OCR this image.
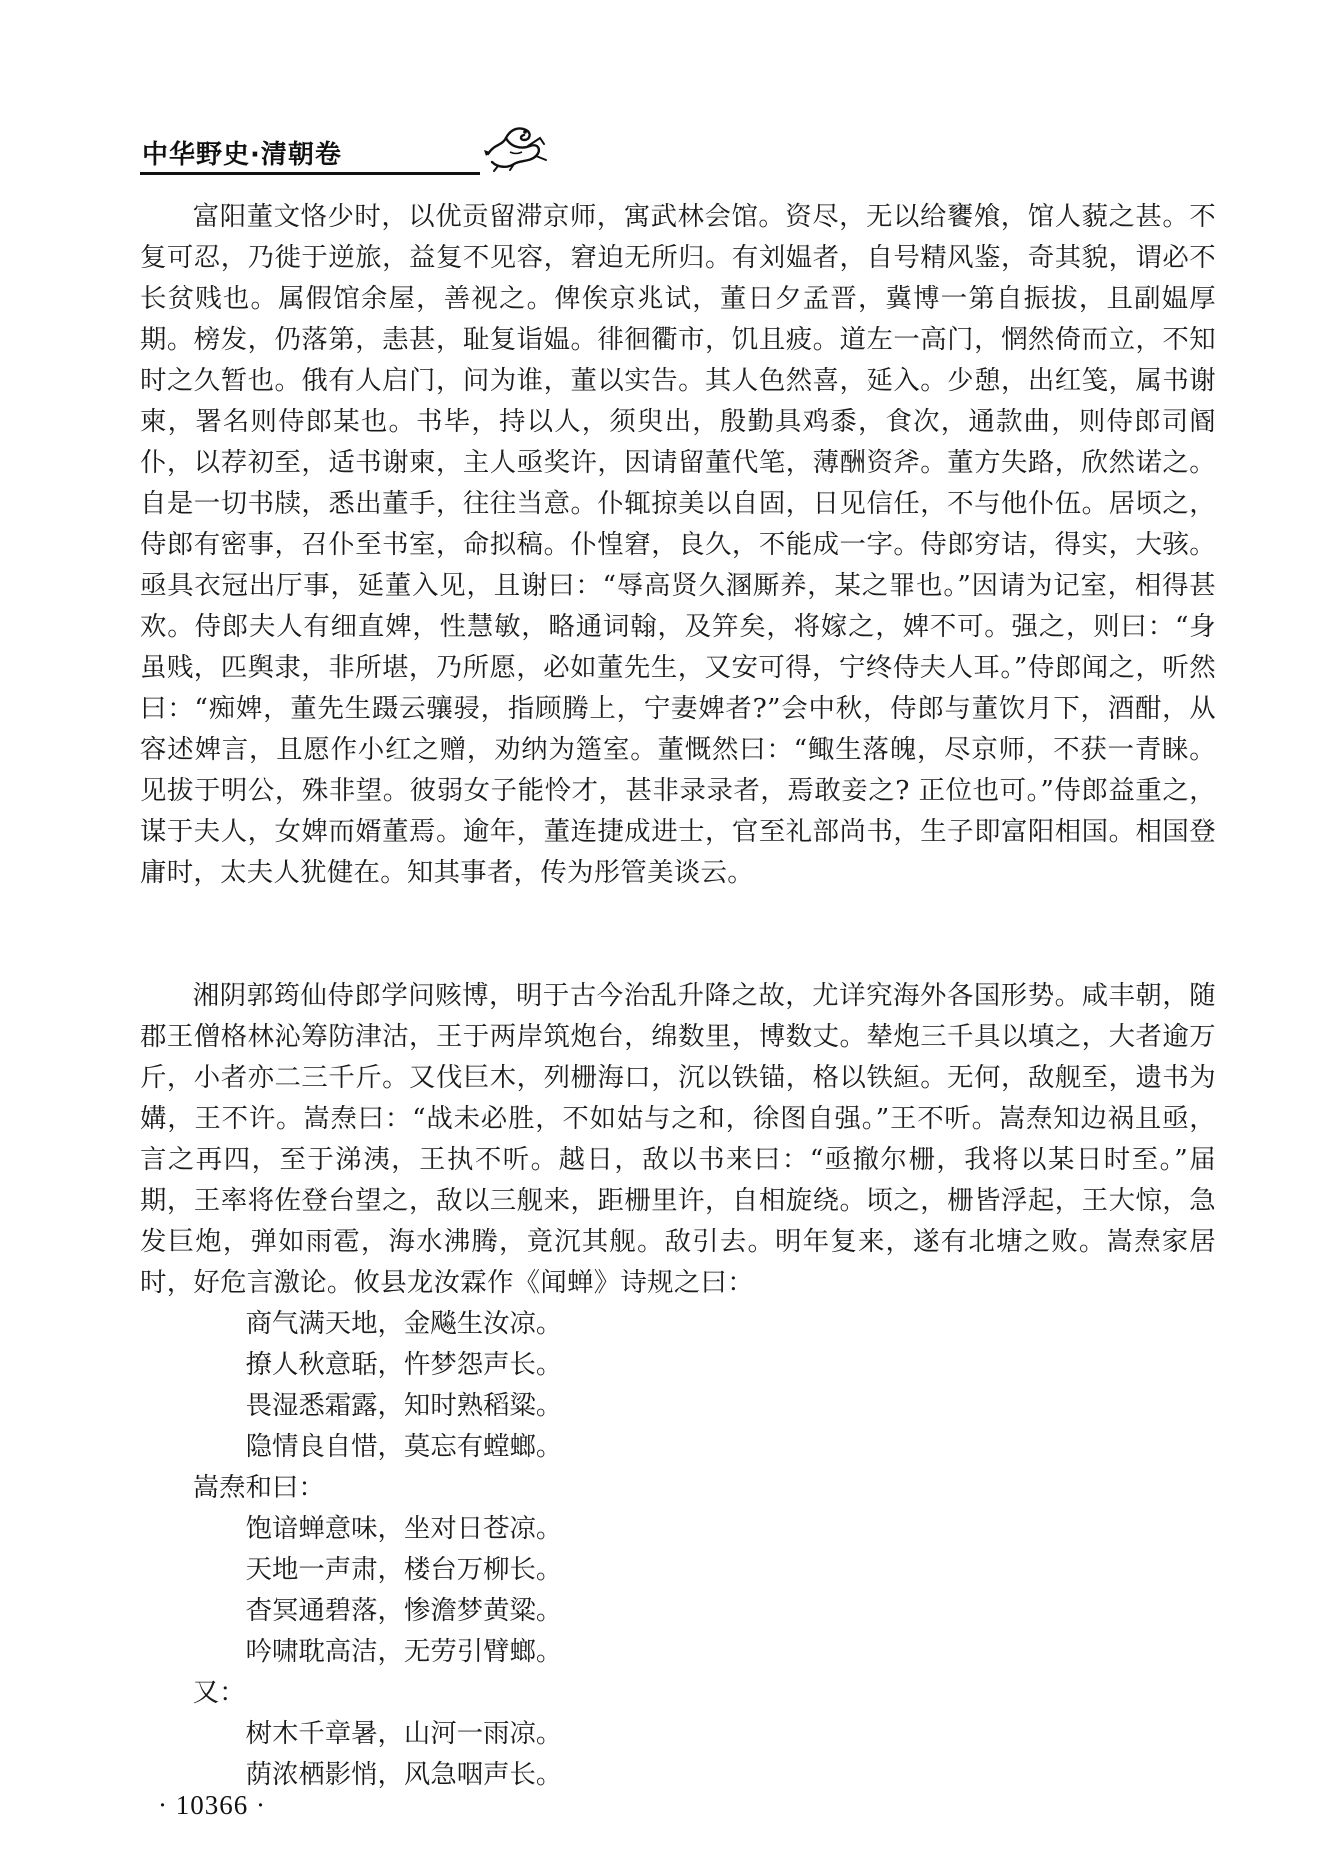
中华野史·清朝卷

富阳董文恪少时，以优贡留滞京师，寓武林会馆。资尽，无以给饔飧，馆人藐之甚。不复可忍，乃徙于逆旅，益复不见容，窘迫无所归。有刘媪者，自号精风鉴，奇其貌，谓必不长贫贱也。属假馆余屋，善视之。俾俟京兆试，董日夕孟晋，冀博一第自振拔，且副媪厚期。榜发，仍落第，恚甚，耻复诣媪。徘徊衢市，饥且疲。道左一高门，惘然倚而立，不知时之久暂也。俄有人启门，问为谁，董以实告。其人色然喜，延入。少憩，出红笺，属书谢柬，署名则侍郎某也。书毕，持以人，须臾出，殷勤具鸡黍，食次，通款曲，则侍郎司阍仆，以荐初至，适书谢柬，主人亟奖许，因请留董代笔，薄酬资斧。董方失路，欣然诺之。自是一切书牍，悉出董手，往往当意。仆辄掠美以自固，日见信任，不与他仆伍。居顷之，侍郎有密事，召仆至书室，命拟稿。仆惶窘，良久，不能成一字。侍郎穷诘，得实，大骇。亟具衣冠出厅事，延董入见，且谢曰：“辱高贤久溷厮养，某之罪也。”因请为记室，相得甚欢。侍郎夫人有细直婢，性慧敏，略通词翰，及笄矣，将嫁之，婢不可。强之，则曰：“身虽贱，匹舆隶，非所堪，乃所愿，必如董先生，又安可得，宁终侍夫人耳。”侍郎闻之，听然曰：“痴婢，董先生蹑云骧骎，指顾腾上，宁妻婢者?”会中秋，侍郎与董饮月下，酒酣，从容述婢言，且愿作小红之赠，劝纳为簉室。董慨然曰：“鲰生落魄，尽京师，不获一青睐。见拔于明公，殊非望。彼弱女子能怜才，甚非录录者，焉敢妾之? 正位也可。”侍郎益重之，谋于夫人，女婢而婿董焉。逾年，董连捷成进士，官至礼部尚书，生子即富阳相国。相国登庸时，太夫人犹健在。知其事者，传为彤管美谈云。

湘阴郭筠仙侍郎学问赅博，明于古今治乱升降之故，尤详究海外各国形势。咸丰朝，随郡王僧格林沁筹防津沽，王于两岸筑炮台，绵数里，博数丈。辇炮三千具以填之，大者逾万斤，小者亦二三千斤。又伐巨木，列栅海口，沉以铁锚，格以铁絙。无何，敌舰至，遗书为媾，王不许。嵩焘曰：“战未必胜，不如姑与之和，徐图自强。”王不听。嵩焘知边祸且亟，言之再四，至于涕洟，王执不听。越日，敌以书来曰：“亟撤尔栅，我将以某日时至。”届期，王率将佐登台望之，敌以三舰来，距栅里许，自相旋绕。顷之，栅皆浮起，王大惊，急发巨炮，弹如雨雹，海水沸腾，竟沉其舰。敌引去。明年复来，遂有北塘之败。嵩焘家居时，好危言激论。攸县龙汝霖作《闻蝉》诗规之曰：

商气满天地，金飚生汝凉。

撩人秋意聒，忤梦怨声长。

畏湿悉霜露，知时熟稻粱。

隐情良自惜，莫忘有螳螂。

嵩焘和曰：

饱谙蝉意味，坐对日苍凉。

天地一声肃，楼台万柳长。

杳冥通碧落，惨澹梦黄粱。

吟啸耽高洁，无劳引臂螂。

又：

树木千章暑，山河一雨凉。

荫浓栖影悄，风急咽声长。

· 10366 ·
